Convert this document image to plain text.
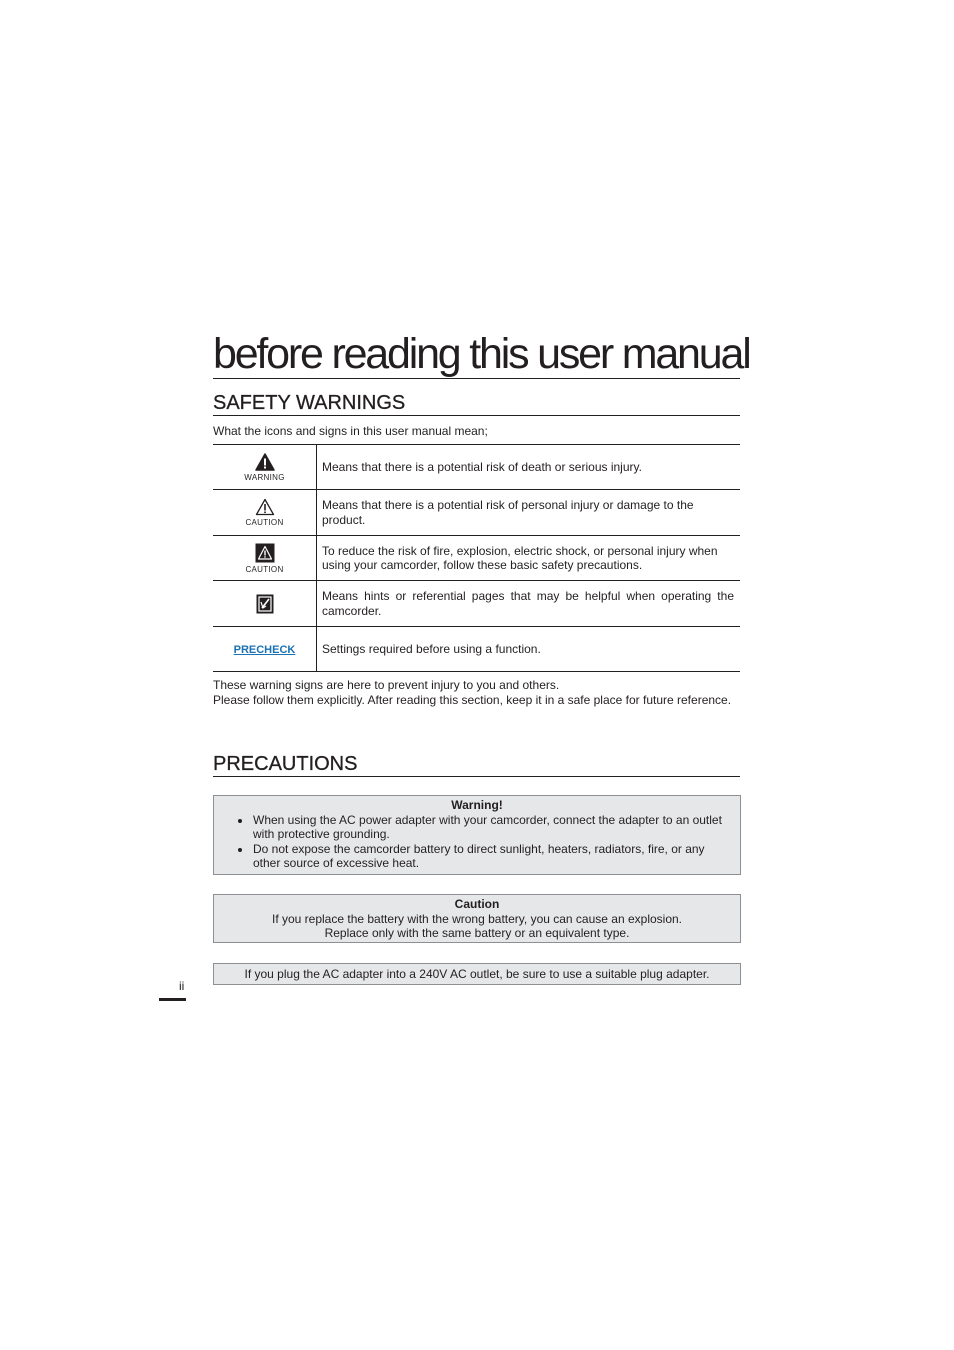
before reading this user manual
SAFETY WARNINGS
What the icons and signs in this user manual mean;
WARNING	Means that there is a potential risk of death or serious injury.

CAUTION	Means that there is a potential risk of personal injury or damage to the product.

CAUTION	To reduce the risk of fire, explosion, electric shock, or personal injury when using your camcorder, follow these basic safety precautions.

	Means hints or referential pages that may be helpful when operating the camcorder.
PRECHECK	Settings required before using a function.

These warning signs are here to prevent injury to you and others.

Please follow them explicitly. After reading this section, keep it in a safe place for future reference.

PRECAUTIONS
Warning!
• When using the AC power adapter with your camcorder, connect the adapter to an outlet with protective grounding.
• Do not expose the camcorder battery to direct sunlight, heaters, radiators, fire, or any other source of excessive heat.
Caution
If you replace the battery with the wrong battery, you can cause an explosion.
Replace only with the same battery or an equivalent type.
If you plug the AC adapter into a 240V AC outlet, be sure to use a suitable plug adapter.
ii
